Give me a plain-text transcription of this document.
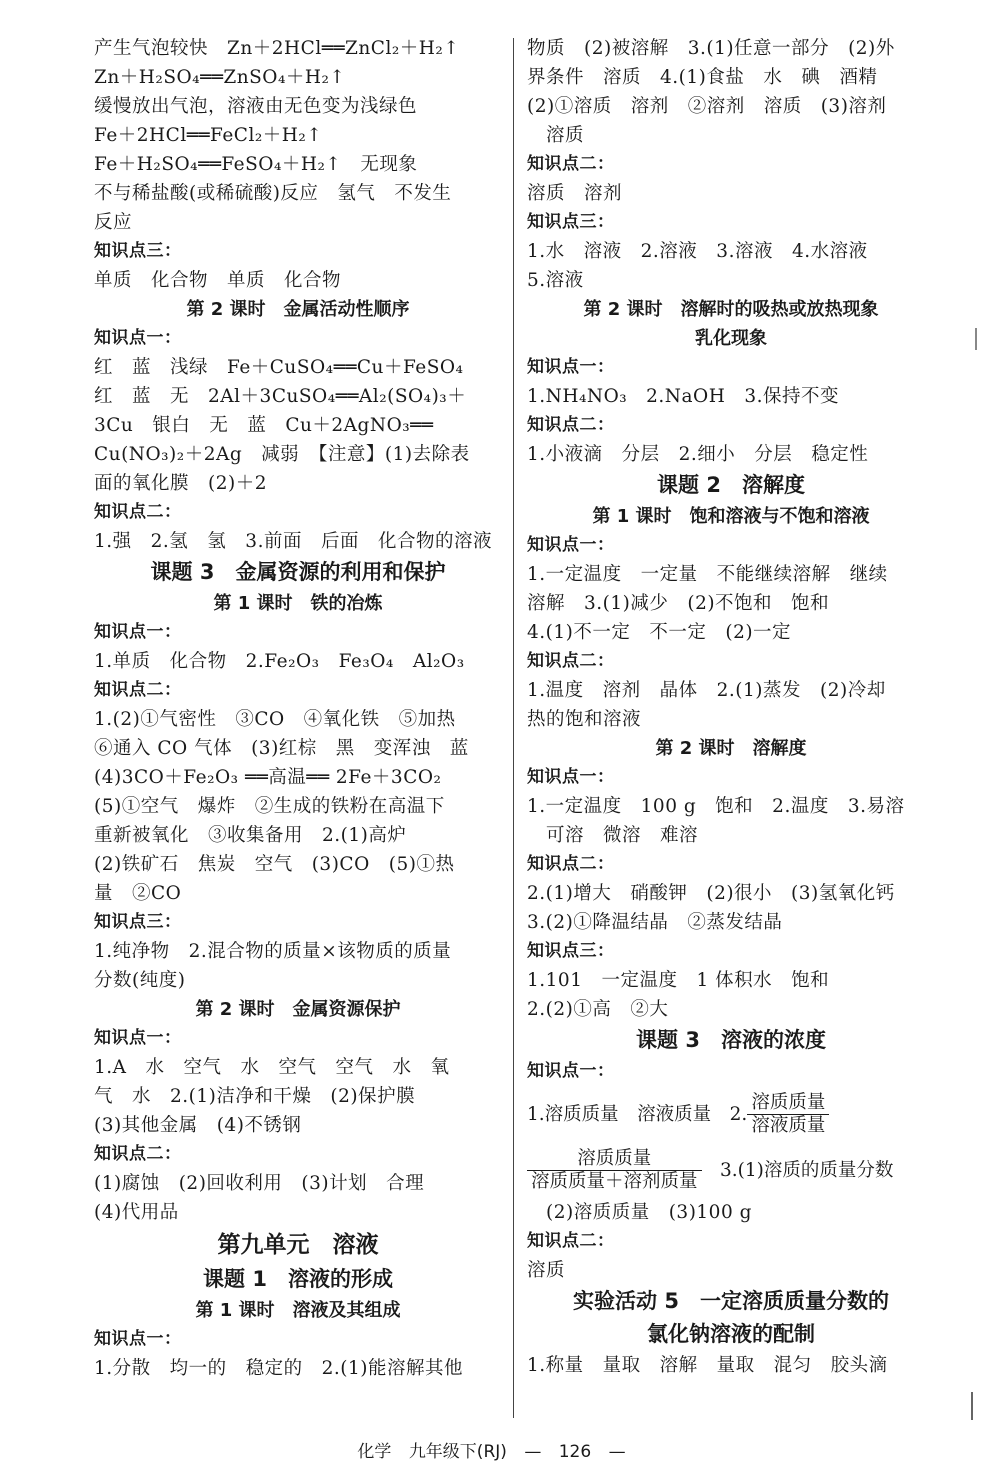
产生气泡较快　Zn＋2HCl══ZnCl₂＋H₂↑
Zn＋H₂SO₄══ZnSO₄＋H₂↑
缓慢放出气泡，溶液由无色变为浅绿色
Fe＋2HCl══FeCl₂＋H₂↑
Fe＋H₂SO₄══FeSO₄＋H₂↑　无现象
不与稀盐酸(或稀硫酸)反应　氢气　不发生
反应
知识点三：
单质　化合物　单质　化合物
第 2 课时　金属活动性顺序
知识点一：
红　蓝　浅绿　Fe＋CuSO₄══Cu＋FeSO₄
红　蓝　无　2Al＋3CuSO₄══Al₂(SO₄)₃＋
3Cu　银白　无　蓝　Cu＋2AgNO₃══
Cu(NO₃)₂＋2Ag　减弱　【注意】(1)去除表
面的氧化膜　(2)＋2
知识点二：
1.强　2.氢　氢　3.前面　后面　化合物的溶液
课题 3　金属资源的利用和保护
第 1 课时　铁的冶炼
知识点一：
1.单质　化合物　2.Fe₂O₃　Fe₃O₄　Al₂O₃
知识点二：
1.(2)①气密性　③CO　④氧化铁　⑤加热
⑥通入 CO 气体　(3)红棕　黑　变浑浊　蓝
(4)3CO＋Fe₂O₃ ══高温══ 2Fe＋3CO₂
(5)①空气　爆炸　②生成的铁粉在高温下
重新被氧化　③收集备用　2.(1)高炉
(2)铁矿石　焦炭　空气　(3)CO　(5)①热
量　②CO
知识点三：
1.纯净物　2.混合物的质量×该物质的质量
分数(纯度)
第 2 课时　金属资源保护
知识点一：
1.A　水　空气　水　空气　空气　水　氧
气　水　2.(1)洁净和干燥　(2)保护膜
(3)其他金属　(4)不锈钢
知识点二：
(1)腐蚀　(2)回收利用　(3)计划　合理
(4)代用品
第九单元　溶液
课题 1　溶液的形成
第 1 课时　溶液及其组成
知识点一：
1.分散　均一的　稳定的　2.(1)能溶解其他
物质　(2)被溶解　3.(1)任意一部分　(2)外
界条件　溶质　4.(1)食盐　水　碘　酒精
(2)①溶质　溶剂　②溶剂　溶质　(3)溶剂
　溶质
知识点二：
溶质　溶剂
知识点三：
1.水　溶液　2.溶液　3.溶液　4.水溶液
5.溶液
第 2 课时　溶解时的吸热或放热现象
乳化现象
知识点一：
1.NH₄NO₃　2.NaOH　3.保持不变
知识点二：
1.小液滴　分层　2.细小　分层　稳定性
课题 2　溶解度
第 1 课时　饱和溶液与不饱和溶液
知识点一：
1.一定温度　一定量　不能继续溶解　继续
溶解　3.(1)减少　(2)不饱和　饱和
4.(1)不一定　不一定　(2)一定
知识点二：
1.温度　溶剂　晶体　2.(1)蒸发　(2)冷却
热的饱和溶液
第 2 课时　溶解度
知识点一：
1.一定温度　100 g　饱和　2.温度　3.易溶
　可溶　微溶　难溶
知识点二：
2.(1)增大　硝酸钾　(2)很小　(3)氢氧化钙
3.(2)①降温结晶　②蒸发结晶
知识点三：
1.101　一定温度　1 体积水　饱和
2.(2)①高　②大
课题 3　溶液的浓度
知识点一：
1.溶质质量　溶液质量　2. $\frac{\text{溶质质量}}{\text{溶液质量}}$
$\frac{\text{溶质质量}}{\text{溶质质量＋溶剂质量}}$ 　3.(1)溶质的质量分数
　(2)溶质质量　(3)100 g
知识点二：
溶质
实验活动 5　一定溶质质量分数的
氯化钠溶液的配制
1.称量　量取　溶解　量取　混匀　胶头滴
化学 九年级下(RJ) — 126 —
